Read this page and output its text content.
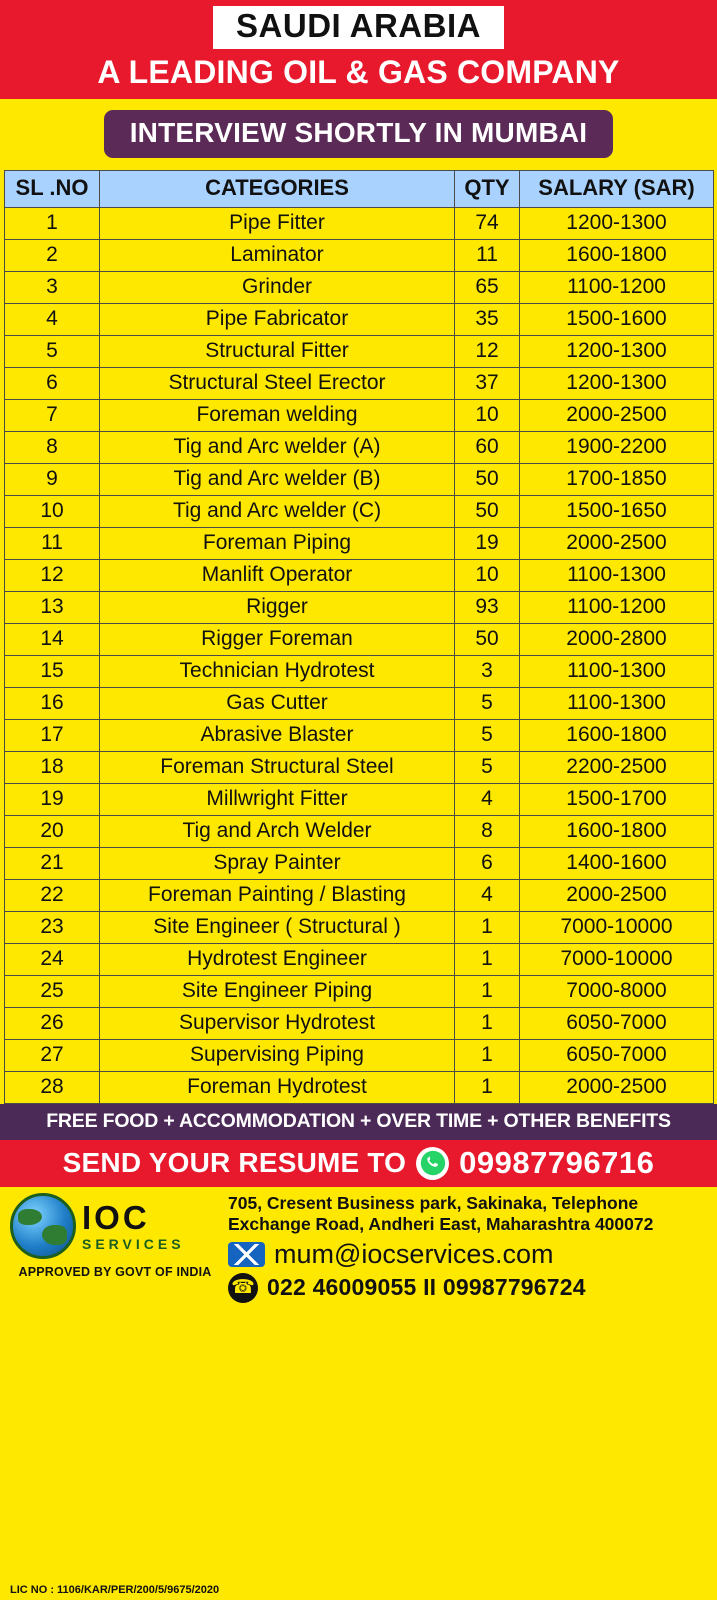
SAUDI ARABIA
A LEADING OIL & GAS COMPANY
INTERVIEW SHORTLY IN MUMBAI
SL .NO	CATEGORIES	QTY	SALARY (SAR)
1	Pipe Fitter	74	1200-1300
2	Laminator	11	1600-1800
3	Grinder	65	1100-1200
4	Pipe Fabricator	35	1500-1600
5	Structural Fitter	12	1200-1300
6	Structural Steel Erector	37	1200-1300
7	Foreman welding	10	2000-2500
8	Tig and Arc welder (A)	60	1900-2200
9	Tig and Arc welder (B)	50	1700-1850
10	Tig and Arc welder (C)	50	1500-1650
11	Foreman Piping	19	2000-2500
12	Manlift Operator	10	1100-1300
13	Rigger	93	1100-1200
14	Rigger Foreman	50	2000-2800
15	Technician Hydrotest	3	1100-1300
16	Gas Cutter	5	1100-1300
17	Abrasive Blaster	5	1600-1800
18	Foreman Structural Steel	5	2200-2500
19	Millwright Fitter	4	1500-1700
20	Tig and Arch Welder	8	1600-1800
21	Spray Painter	6	1400-1600
22	Foreman Painting / Blasting	4	2000-2500
23	Site Engineer ( Structural )	1	7000-10000
24	Hydrotest Engineer	1	7000-10000
25	Site Engineer Piping	1	7000-8000
26	Supervisor Hydrotest	1	6050-7000
27	Supervising Piping	1	6050-7000
28	Foreman Hydrotest	1	2000-2500
FREE FOOD + ACCOMMODATION + OVER TIME + OTHER BENEFITS
SEND YOUR RESUME TO 09987796716
IOC
SERVICES
APPROVED BY GOVT OF INDIA
LIC NO : 1106/KAR/PER/200/5/9675/2020
705, Cresent Business park, Sakinaka, Telephone
Exchange Road, Andheri East, Maharashtra 400072
mum@iocservices.com
☎ 022 46009055 II 09987796724
